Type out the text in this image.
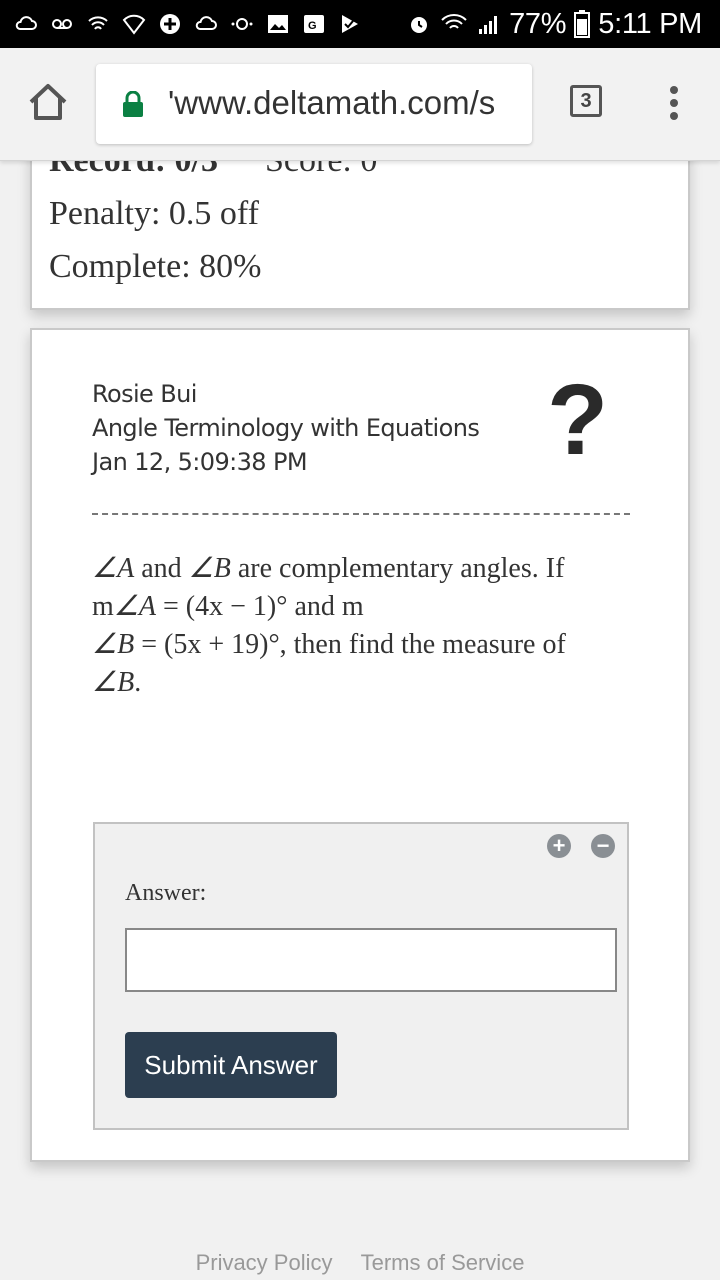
G	77% 5:11 PM
'www.deltamath.com/s	3
Penalty: 0.5 off
Complete: 80%
Rosie Bui
Angle Terminology with Equations
Jan 12, 5:09:38 PM ?
∠A and ∠B are complementary angles. If
m∠A = (4x − 1)° and m
∠B = (5x + 19)°, then find the measure of
∠B.
+ −
Answer:
Submit Answer
Privacy Policy Terms of Service
